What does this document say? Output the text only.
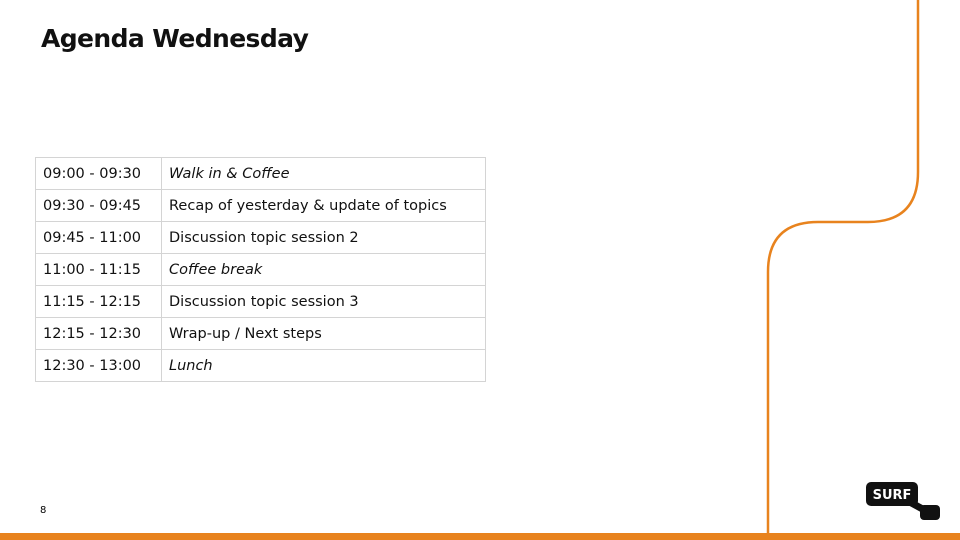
SURF
Agenda Wednesday
09:00 - 09:30	Walk in & Coffee
09:30 - 09:45	Recap of yesterday & update of topics
09:45 - 11:00	Discussion topic session 2
11:00 - 11:15	Coffee break
11:15 - 12:15	Discussion topic session 3
12:15 - 12:30	Wrap-up / Next steps
12:30 - 13:00	Lunch
8
